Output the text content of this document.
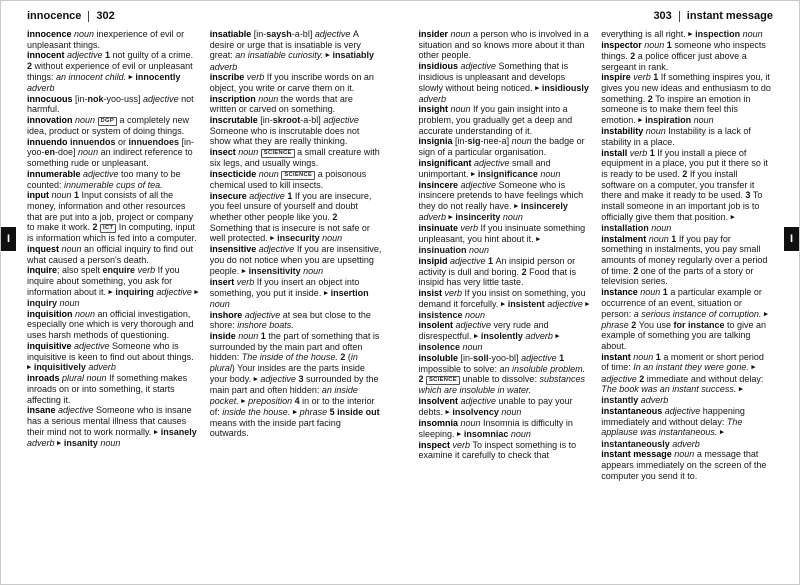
innocence 302	303 instant message

innocence noun inexperience of evil or unpleasant things.

innocent adjective 1 not guilty of a crime. 2 without experience of evil or unpleasant things: an innocent child. ▶ innocently adverb

innocuous [in-nok-yoo-uss] adjective not harmful.

innovation noun DGP a completely new idea, product or system of doing things.

innuendo innuendos or innuendoes [in-yoo-en-doe] noun an indirect reference to something rude or unpleasant.

innumerable adjective too many to be counted: innumerable cups of tea.

input noun 1 Input consists of all the money, information and other resources that are put into a job, project or company to make it work. 2 ICT In computing, input is information which is fed into a computer.

inquest noun an official inquiry to find out what caused a person's death.

inquire; also spelt enquire verb If you inquire about something, you ask for information about it. ▶ inquiring adjective ▶ inquiry noun

inquisition noun an official investigation, especially one which is very thorough and uses harsh methods of questioning.

inquisitive adjective Someone who is inquisitive is keen to find out about things. ▶ inquisitively adverb

inroads plural noun If something makes inroads on or into something, it starts affecting it.

insane adjective Someone who is insane has a serious mental illness that causes their mind not to work normally. ▶ insanely adverb ▶ insanity noun

insatiable [in-saysh-a-bl] adjective A desire or urge that is insatiable is very great: an insatiable curiosity. ▶ insatiably adverb

inscribe verb If you inscribe words on an object, you write or carve them on it.

inscription noun the words that are written or carved on something.

inscrutable [in-skroot-a-bl] adjective Someone who is inscrutable does not show what they are really thinking.

insect noun SCIENCE a small creature with six legs, and usually wings.

insecticide noun SCIENCE a poisonous chemical used to kill insects.

insecure adjective 1 If you are insecure, you feel unsure of yourself and doubt whether other people like you. 2 Something that is insecure is not safe or well protected. ▶ insecurity noun

insensitive adjective If you are insensitive, you do not notice when you are upsetting people. ▶ insensitivity noun

insert verb If you insert an object into something, you put it inside. ▶ insertion noun

inshore adjective at sea but close to the shore: inshore boats.

inside noun 1 the part of something that is surrounded by the main part and often hidden: The inside of the house. 2 (in plural) Your insides are the parts inside your body. ▶ adjective 3 surrounded by the main part and often hidden: an inside pocket. ▶ preposition 4 in or to the interior of: inside the house. ▶ phrase 5 inside out means with the inside part facing outwards.

insider noun a person who is involved in a situation and so knows more about it than other people.

insidious adjective Something that is insidious is unpleasant and develops slowly without being noticed. ▶ insidiously adverb

insight noun If you gain insight into a problem, you gradually get a deep and accurate understanding of it.

insignia [in-sig-nee-a] noun the badge or sign of a particular organisation.

insignificant adjective small and unimportant. ▶ insignificance noun

insincere adjective Someone who is insincere pretends to have feelings which they do not really have. ▶ insincerely adverb ▶ insincerity noun

insinuate verb If you insinuate something unpleasant, you hint about it. ▶ insinuation noun

insipid adjective 1 An insipid person or activity is dull and boring. 2 Food that is insipid has very little taste.

insist verb If you insist on something, you demand it forcefully. ▶ insistent adjective ▶ insistence noun

insolent adjective very rude and disrespectful. ▶ insolently adverb ▶ insolence noun

insoluble [in-soll-yoo-bl] adjective 1 impossible to solve: an insoluble problem. 2 SCIENCE unable to dissolve: substances which are insoluble in water.

insolvent adjective unable to pay your debts. ▶ insolvency noun

insomnia noun Insomnia is difficulty in sleeping. ▶ insomniac noun

inspect verb To inspect something is to examine it carefully to check that

everything is all right. ▶ inspection noun

inspector noun 1 someone who inspects things. 2 a police officer just above a sergeant in rank.

inspire verb 1 If something inspires you, it gives you new ideas and enthusiasm to do something. 2 To inspire an emotion in someone is to make them feel this emotion. ▶ inspiration noun

instability noun Instability is a lack of stability in a place.

install verb 1 If you install a piece of equipment in a place, you put it there so it is ready to be used. 2 If you install software on a computer, you transfer it there and make it ready to be used. 3 To install someone in an important job is to officially give them that position. ▶ installation noun

instalment noun 1 If you pay for something in instalments, you pay small amounts of money regularly over a period of time. 2 one of the parts of a story or television series.

instance noun 1 a particular example or occurrence of an event, situation or person: a serious instance of corruption. ▶ phrase 2 You use for instance to give an example of something you are talking about.

instant noun 1 a moment or short period of time: In an instant they were gone. ▶ adjective 2 immediate and without delay: The book was an instant success. ▶ instantly adverb

instantaneous adjective happening immediately and without delay: The applause was instantaneous. ▶ instantaneously adverb

instant message noun a message that appears immediately on the screen of the computer you send it to.

I	I
